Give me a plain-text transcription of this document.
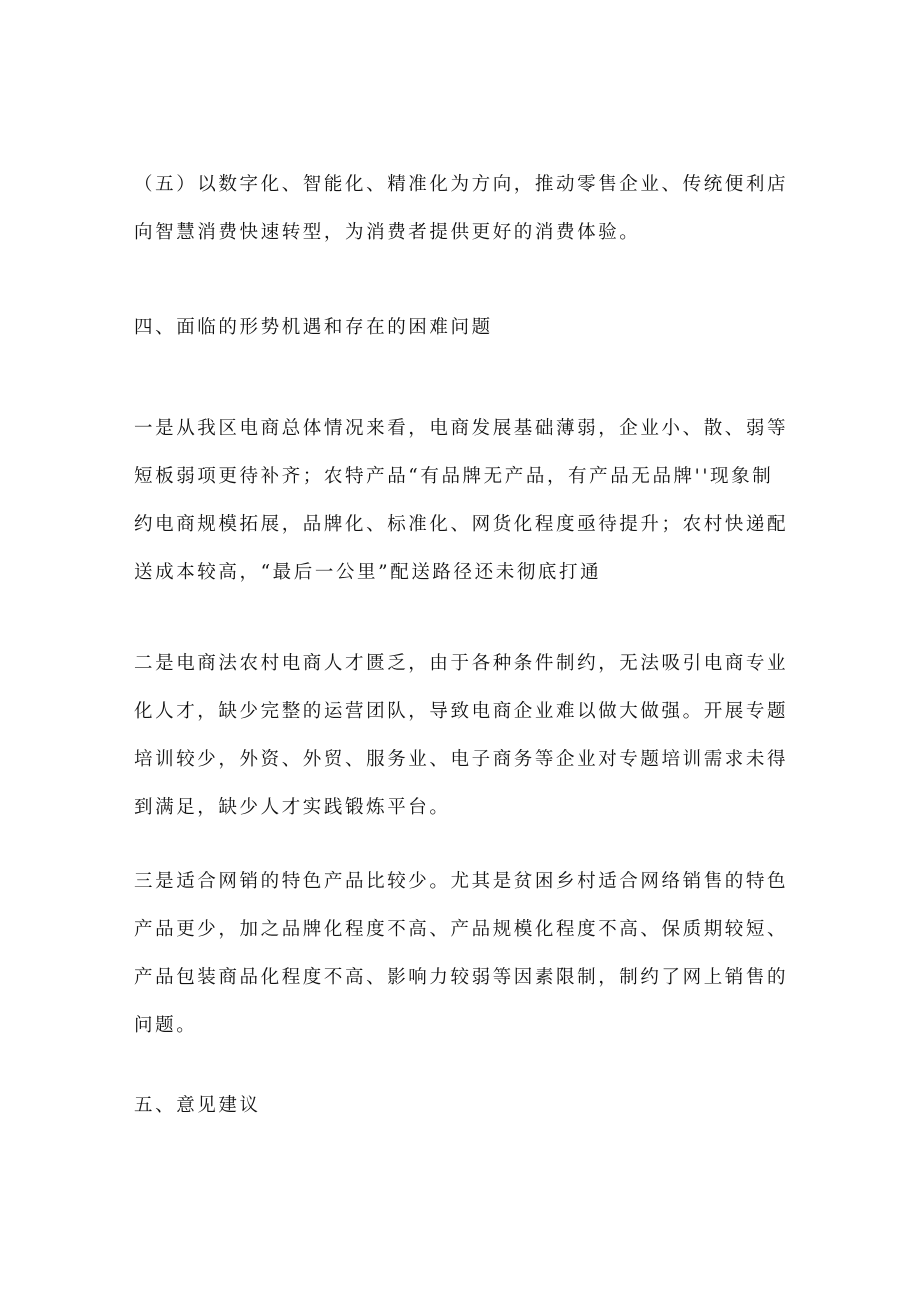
（五）以数字化、智能化、精准化为方向，推动零售企业、传统便利店向智慧消费快速转型，为消费者提供更好的消费体验。

四、面临的形势机遇和存在的困难问题

一是从我区电商总体情况来看，电商发展基础薄弱，企业小、散、弱等短板弱项更待补齐；农特产品“有品牌无产品，有产品无品牌''现象制约电商规模拓展，品牌化、标准化、网货化程度亟待提升；农村快递配送成本较高，“最后一公里”配送路径还未彻底打通

二是电商法农村电商人才匮乏，由于各种条件制约，无法吸引电商专业化人才，缺少完整的运营团队，导致电商企业难以做大做强。开展专题培训较少，外资、外贸、服务业、电子商务等企业对专题培训需求未得到满足，缺少人才实践锻炼平台。

三是适合网销的特色产品比较少。尤其是贫困乡村适合网络销售的特色产品更少，加之品牌化程度不高、产品规模化程度不高、保质期较短、产品包装商品化程度不高、影响力较弱等因素限制，制约了网上销售的问题。

五、意见建议
